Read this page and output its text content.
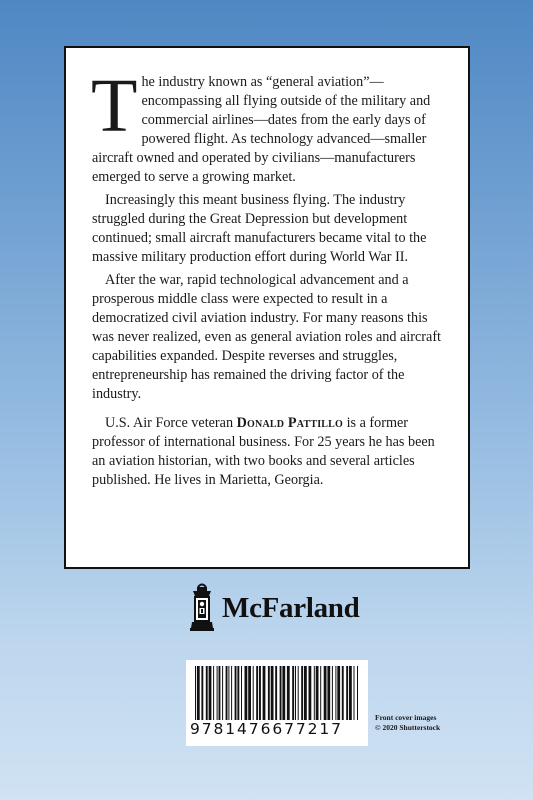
The industry known as “general aviation”—encompassing all flying outside of the military and commercial airlines—dates from the early days of powered flight. As technology advanced—smaller aircraft owned and operated by civilians—manufacturers emerged to serve a growing market.

Increasingly this meant business flying. The industry struggled during the Great Depression but development continued; small aircraft manufacturers became vital to the massive military production effort during World War II.

After the war, rapid technological advancement and a prosperous middle class were expected to result in a democratized civil aviation industry. For many reasons this was never realized, even as general aviation roles and aircraft capabilities expanded. Despite reverses and struggles, entrepreneurship has remained the driving factor of the industry.

U.S. Air Force veteran Donald Pattillo is a former professor of international business. For 25 years he has been an aviation historian, with two books and several articles published. He lives in Marietta, Georgia.

McFarland
9781476677217
Front cover images
© 2020 Shutterstock
